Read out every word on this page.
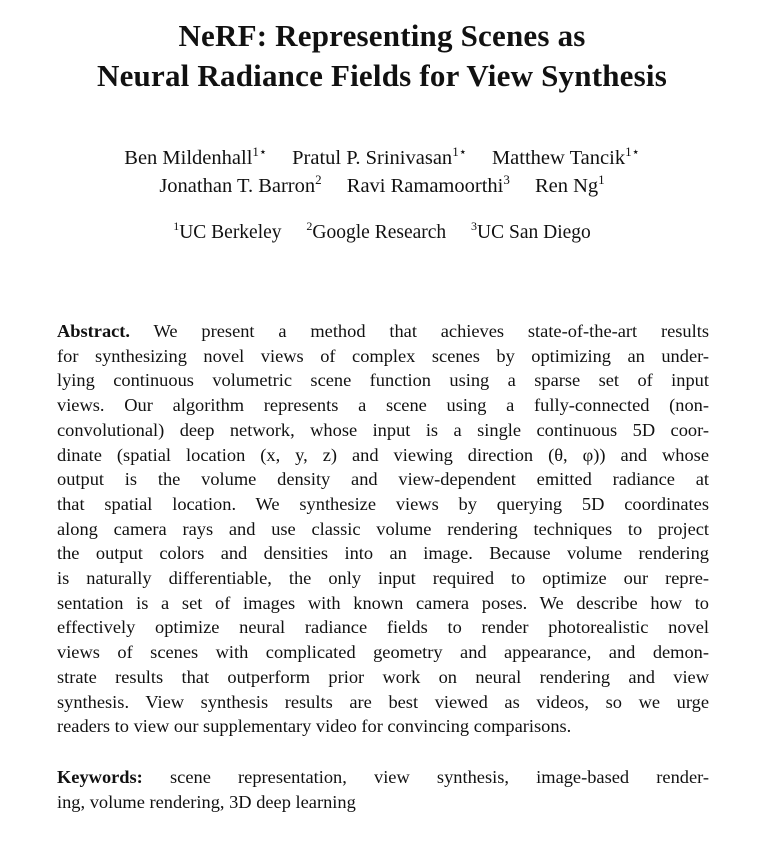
NeRF: Representing Scenes as
Neural Radiance Fields for View Synthesis
Ben Mildenhall$^{1⋆}$ Pratul P. Srinivasan$^{1⋆}$ Matthew Tancik$^{1⋆}$
Jonathan T. Barron$^2$ Ravi Ramamoorthi$^3$ Ren Ng$^1$
$^1$UC Berkeley $^2$Google Research $^3$UC San Diego
Abstract. We present a method that achieves state-of-the-art results
for synthesizing novel views of complex scenes by optimizing an under-
lying continuous volumetric scene function using a sparse set of input
views. Our algorithm represents a scene using a fully-connected (non-
convolutional) deep network, whose input is a single continuous 5D coor-
dinate (spatial location (x, y, z) and viewing direction (θ, φ)) and whose
output is the volume density and view-dependent emitted radiance at
that spatial location. We synthesize views by querying 5D coordinates
along camera rays and use classic volume rendering techniques to project
the output colors and densities into an image. Because volume rendering
is naturally differentiable, the only input required to optimize our repre-
sentation is a set of images with known camera poses. We describe how to
effectively optimize neural radiance fields to render photorealistic novel
views of scenes with complicated geometry and appearance, and demon-
strate results that outperform prior work on neural rendering and view
synthesis. View synthesis results are best viewed as videos, so we urge
readers to view our supplementary video for convincing comparisons.
Keywords: scene representation, view synthesis, image-based render-
ing, volume rendering, 3D deep learning
